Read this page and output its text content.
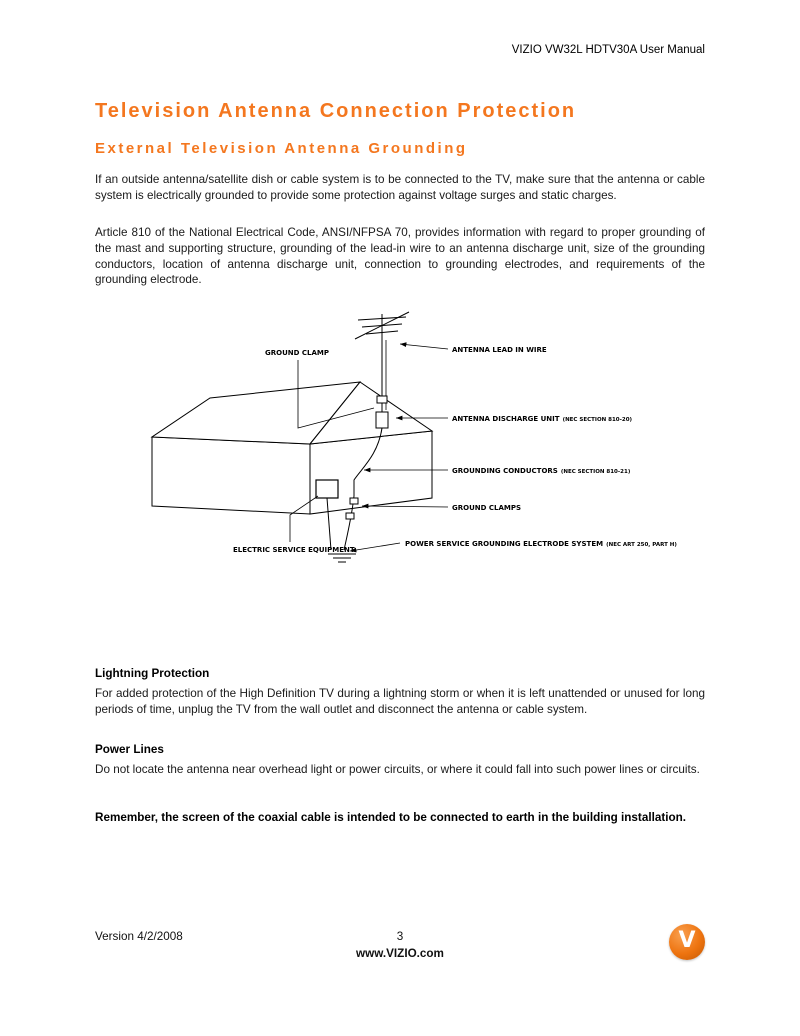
VIZIO VW32L HDTV30A User Manual
Television Antenna Connection Protection
External Television Antenna Grounding

If an outside antenna/satellite dish or cable system is to be connected to the TV, make sure that the antenna or cable system is electrically grounded to provide some protection against voltage surges and static charges.

Article 810 of the National Electrical Code, ANSI/NFPSA 70, provides information with regard to proper grounding of the mast and supporting structure, grounding of the lead-in wire to an antenna discharge unit, size of the grounding conductors, location of antenna discharge unit, connection to grounding electrodes, and requirements of the grounding electrode.

GROUND CLAMP	ANTENNA LEAD IN WIRE
ANTENNA DISCHARGE UNIT (NEC SECTION 810-20)
GROUNDING CONDUCTORS (NEC SECTION 810-21)
GROUND CLAMPS
POWER SERVICE GROUNDING ELECTRODE SYSTEM (NEC ART 250, PART H)
ELECTRIC SERVICE EQUIPMENT
Lightning Protection

For added protection of the High Definition TV during a lightning storm or when it is left unattended or unused for long periods of time, unplug the TV from the wall outlet and disconnect the antenna or cable system.

Power Lines

Do not locate the antenna near overhead light or power circuits, or where it could fall into such power lines or circuits.

Remember, the screen of the coaxial cable is intended to be connected to earth in the building installation.

Version 4/2/2008	3
www.VIZIO.com
V
